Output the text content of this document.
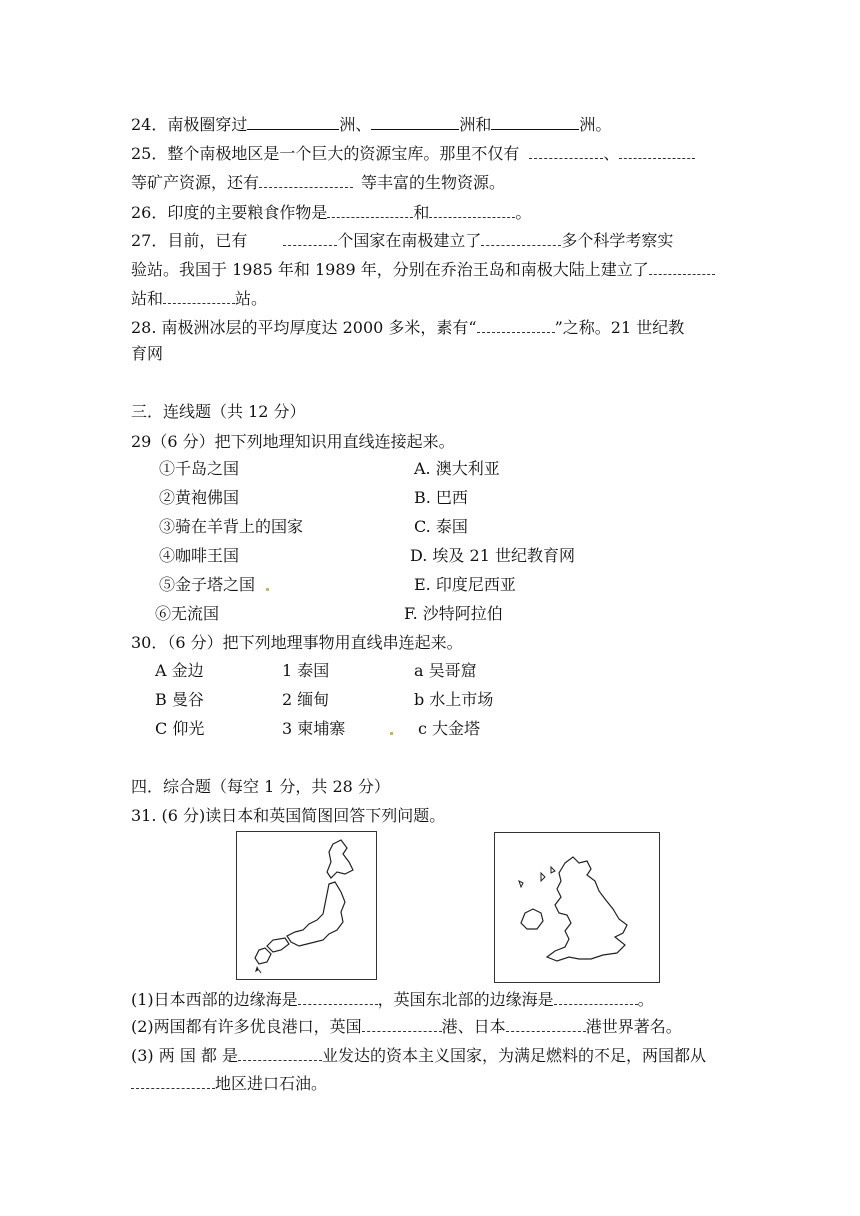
24．南极圈穿过	洲、	洲和	洲。
25．整个南极地区是一个巨大的资源宝库。那里不仅有	、
等矿产资源，还有	等丰富的生物资源。
26．印度的主要粮食作物是	和	。
27．目前，已有	个国家在南极建立了	多个科学考察实
验站。我国于 1985 年和 1989 年，分别在乔治王岛和南极大陆上建立了
站和	站。
28. 南极洲冰层的平均厚度达 2000 多米，素有“	”之称。21 世纪教
育网
三．连线题（共 12 分）
29（6 分）把下列地理知识用直线连接起来。
①千岛之国
②黄袍佛国
③骑在羊背上的国家
④咖啡王国
⑤金子塔之国
⑥无流国
A. 澳大利亚
B. 巴西
C. 泰国
D. 埃及 21 世纪教育网
E. 印度尼西亚
F. 沙特阿拉伯
30．（6 分）把下列地理事物用直线串连起来。
A 金边
B 曼谷
C 仰光
1 泰国
2 缅甸
3 柬埔寨
a 吴哥窟
b 水上市场
c 大金塔
四．综合题（每空 1 分，共 28 分）
31. (6 分)读日本和英国简图回答下列问题。
(1)日本西部的边缘海是	，英国东北部的边缘海是	。
(2)两国都有许多优良港口，英国	港、日本	港世界著名。
(3) 两 国 都 是	业发达的资本主义国家，为满足燃料的不足，两国都从
地区进口石油。
